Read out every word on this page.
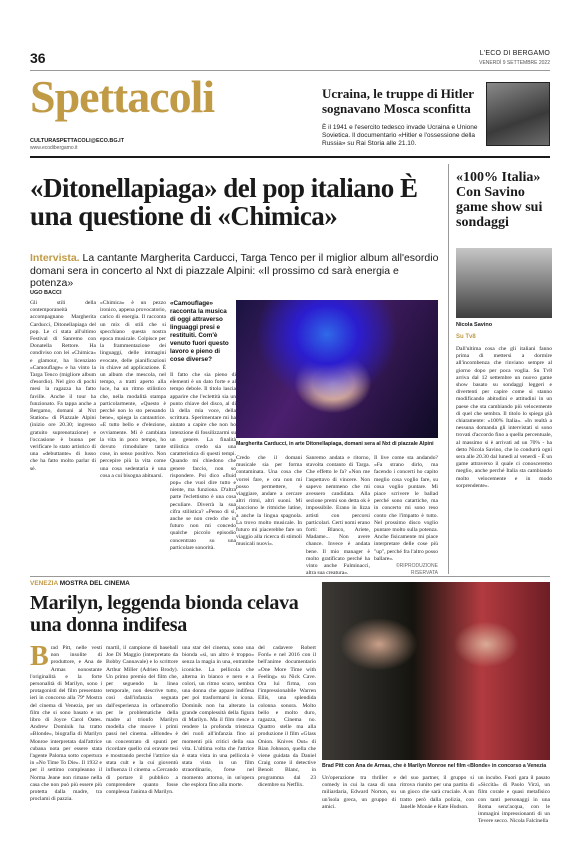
36	L'ECO DI BERGAMO
VENERDÌ 9 SETTEMBRE 2022
Spettacoli
CULTURASPETTACOLI@ECO.BG.IT
www.ecodibergamo.it
Ucraina, le truppe di Hitler sognavano Mosca sconfitta
È il 1941 e l'esercito tedesco invade Ucraina e Unione Sovietica. Il documentario «Hitler e l'ossessione della Russia» su Rai Storia alle 21.10.
«Ditonellapiaga» del pop italiano È una questione di «Chimica»
Intervista. La cantante Margherita Carducci, Targa Tenco per il miglior album all'esordio domani sera in concerto al Nxt di piazzale Alpini: «Il prossimo cd sarà energia e potenza»
UGO BACCI
Gli stili della contemporaneità accompagnano Margherita Carducci, Ditonellapiaga del pop. Le ci stata all'ultimo Festival di Sanremo con Donatella Rettore. Ha condiviso con lei «Chimica» e glamour, ha licenziato «Camouflage» e ha vinto la Targa Tenco (migliore album d'esordio). Nel giro di pochi mesi la ragazza ha fatto faville. Anche il tour ha funzionato. Fa tappa anche a Bergamo, domani al Nxt Station» di Piazzale Alpini (inizio ore 20.30; ingresso gratuito suprenotazione) e l'occasione è buona per verificare lo stato artistico di una «debuttante» di lusso che ha fatto molto parlar di sé.
«Chimica» è un pezzo ironico, appena provocatorio, carico di energia. Il racconta un mix di stili che si specchiano questa nostra epoca musicale. Colpisce per la frammentazione dei linguaggi, delle immagini evocate, delle pianificazioni in chiave ad applicazione. È un album che mescola, nel tempo, a tratti aperto alla luce, ha un ritmo stilistico che, nella modalità stampa particolarmente, «Questo è perché non lo sto pensando bene», spiega la cantautrice. «E tutto bello e d'elezione, ovviamente. Mi è cambiata la vita in poco tempo, ho dovuto rimodulare tante cose, in senso positivo. Non percepire più la vita come una cosa sedentaria è una cosa a cui bisogna abituarsi.
«Camouflage» racconta la musica di oggi attraverso linguaggi presi e restituiti. Com'è venuto fuori questo lavoro e pieno di cose diverse?
Il fatto che sia pieno di elementi è un dato forte e al tempo debole. Il titolo lascia apparire che l'eclettità sia un punto chiave del disco, al di là della mia voce, della scrittura. Sperimentare mi ha aiutato a capire che non ho intenzione di fossilizzarmi su un genere. La finalità stilistica credo sia una caratteristica di questi tempi. Quando mi chiedono che genere faccio, non so rispondere. Poi dico «fluid pop» che vuol dire tutto e niente, ma funziona. D'altra parte l'eclettismo è una cosa peculiare. Diverrà la sua cifra stilistica? «Penso di sì, anche se non credo che in futuro non mi concedo qualche piccolo episodio concentrato su una particolare sonorità.
Margherita Carducci, in arte Ditonellapiaga, domani sera al Nxt di piazzale Alpini
Credo che il domani musicale sia per forma contaminata. Una cosa che vorrei fare, e ora non mi posso permettere, è viaggiare, andare a cercare altri ritmi, altri suoni. Mi piacciono le ritmiche latine, a anche la lingua spagnola. La trovo molto musicale. In futuro mi piacerebbe fare un viaggio alla ricerca di stimoli musicali nuovi».
Sanremo andata e ritorno, stavolta contanto di Targa. Che effetto le fa? «Non me l'aspettavo di vincere. Non sapevo nemmeno che mi avessero candidata. Alla sezione premi son detta ok è impossibile. Erano in lizza artisti con percorsi particolari. Certi nomi erano forti: Blanco, Ariete, Madame... Non avere chance. Invece è andata bene. Il mio manager è molto gratificato perché ha vinto anche Fulminacci, altra sua creatura».
Il live come sta andando? «Fa strano dirlo, ma facendo i concerti ho capito meglio cosa voglio fare, su cosa voglio puntare. Mi piace scrivere le ballad perché sono catartiche, ma in concerto mi sono reso conto che l'impatto è tutto. Nel prossimo disco voglio puntare molto sulla potenza. Anche fisicamente mi piace interpretare delle cose più "up", perché fra l'altro posso ballare».
©RIPRODUZIONE RISERVATA
«100% Italia» Con Savino game show sui sondaggi
Nicola Savino
Su Tv8
Dall'ultima cosa che gli italiani fanno prima di mettersi a dormire all'incombenza che rinviano sempre al giorno dopo per poca voglia. Su Tv8 arriva dal 12 settembre un nuovo game show basato su sondaggi leggeri e divertenti per capire come si stanno modificando abitudini e attitudini in un paese che sta cambiando più velocemente di quel che sembra. Il titolo lo spiega già chiaramente: «100% Italia». «In realtà a nessuna domanda gli intervistati si sono trovati d'accordo fino a quella percentuale, al massimo si è arrivati ad un 70% - ha detto Nicola Savino, che lo condurrà ogni sera alle 20.30 dal lunedì al venerdì - È un game attraverso il quale ci conosceremo meglio, anche perché Italia sta cambiando molto velocemente e in modo sorprendente».
VENEZIA MOSTRA DEL CINEMA
Marilyn, leggenda bionda celava una donna indifesa
Brad Pitt, nelle vesti non insolite di produttore, e Ana de Armas nonostante l'originalità e la forte personalità di Marilyn, sono i protagonisti del film presentato ieri in concorso alla 79ª Mostra del cinema di Venezia, per un film che si sono basato e un libro di Joyce Carol Oates. Andrew Dominik ha tratto «Blonde», biografia di Marilyn Monroe interpretata dall'attrice cubana nota per essere stata l'agente Paloma sotto copertura in «No Time To Die». Il 1932 e per il settimo compleanno il Norma Jeane non rimane nella casa che non può più essere più protetta dalla madre, tra proclami di pazzia.
martil, il campione di baseball Joe Di Maggio (interpretato da Bobby Cannavale) e lo scrittore Arthur Miller (Adrien Brody). Un primo premio del film che, per seguendo la linea temporale, non descrive tutto, così dall'infanzia segnata dall'esperienza in orfanotrofio per le problematiche della madre al trionfo Marilyn modella che muove i primi passi nel cinema. «Blonde» è un concentrato di spunti per ricordare quello cui eravate tesi e mostrando perché l'attrice sia stata cult e la cui gioventù influenza il cinema «.Cercando di portare il pubblico a comprendere quanto fosse complessa l'anima di Marilyn.
una star del cinema, sono una bionda «sì, un altro è troppo» senza la magia in una, entrambe iconiche. La pellicola che alterna in bianco e nero e a colori, un ritmo scuro, sembra una donna che appare indifesa per poi trasformarsi in icona. Dominik non ha alterato la grande complessità della figura di Marilyn. Ma il film riesce a rendere la profonda tristezza dei ruoli all'infanzia fino ai momenti più critici della sua vita. L'ultima volta che l'attrice è stata vista in una pellicola è stata vista in un film straordinario, forse nel momento attorno, in un'opera che esplora fino alla morte.
del cadavere Robert Ford» e nel 2016 con il bell'anime documentario «One More Time with Feeling» su Nick Cave. Ora lui firma, con l'impressionabile Warren Ellis, una splendida colonna sonora. Molto bello e molto duro, ragazza, Cinema no. Quattro stelle ma alla produzione il film «Glass Onion. Knives Out» di Rian Johnson, quella che viene guidata da Daniel Craig come il detective Benoit Blanc, in programma dal 23 dicembre su Netflix.
Brad Pitt con Ana de Armas, che è Marilyn Monroe nel film «Blonde» in concorso a Venezia
Un'operazione tra thriller e comedy in cui la casa di una miliardaria, Edward Norton, su un'isola greca, un gruppo di amici.
del suo partner, il gruppo si ritrova riunito per una partita di un gioco che sarà cruciale. A un tratto però dalla polizia, con Janelle Monáe e Kate Hudson.
un incubo. Fuori gara il pasato «Siccità» di Paolo Virzì, un film corale e quasi metafisico con tanti personaggi in una Roma senz'acqua, con le immagini impressionanti di un Tevere secco. Nicola Falcinella
